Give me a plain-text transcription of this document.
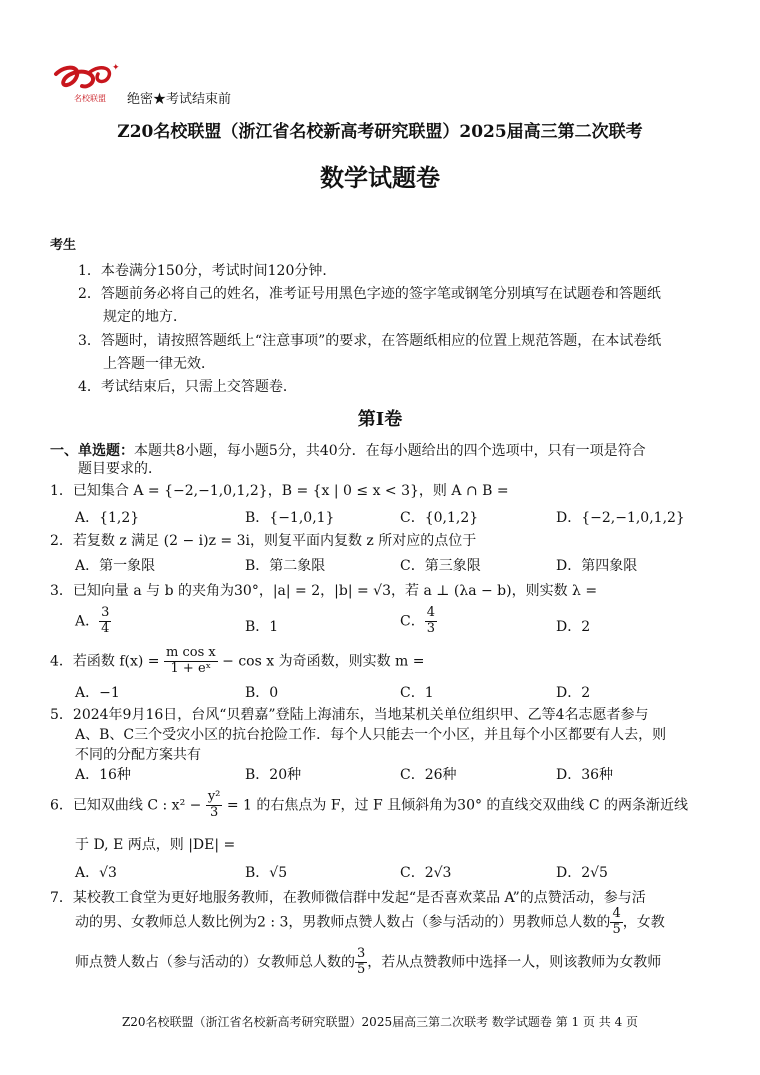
✦
名校联盟 绝密★考试结束前
Z20名校联盟（浙江省名校新高考研究联盟）2025届高三第二次联考
数学试题卷
考生
1．本卷满分150分，考试时间120分钟．
2．答题前务必将自己的姓名，准考证号用黑色字迹的签字笔或钢笔分别填写在试题卷和答题纸
规定的地方．
3．答题时，请按照答题纸上“注意事项”的要求，在答题纸相应的位置上规范答题，在本试卷纸
上答题一律无效．
4．考试结束后，只需上交答题卷．
第Ⅰ卷
一、单选题：本题共8小题，每小题5分，共40分．在每小题给出的四个选项中，只有一项是符合
题目要求的．
1．已知集合 A = {−2,−1,0,1,2}，B = {x | 0 ≤ x < 3}，则 A ∩ B =
A．{1,2}	B．{−1,0,1}	C．{0,1,2}	D．{−2,−1,0,1,2}
2．若复数 z 满足 (2 − i)z = 3i，则复平面内复数 z 所对应的点位于
A．第一象限	B．第二象限	C．第三象限	D．第四象限
3．已知向量 a 与 b 的夹角为30°，|a| = 2，|b| = √3，若 a ⊥ (λa − b)，则实数 λ =
A． $\frac{3}{4}$	B．1	C． $\frac{4}{3}$	D．2
4．若函数 $f(x) = \frac{\text{m cos x}}{\text{1 + eˣ}} - \cos x$ 为奇函数，则实数 m =
A．−1	B．0	C．1	D．2
5．2024年9月16日，台风“贝碧嘉”登陆上海浦东，当地某机关单位组织甲、乙等4名志愿者参与
A、B、C三个受灾小区的抗台抢险工作．每个人只能去一个小区，并且每个小区都要有人去，则
不同的分配方案共有
A．16种	B．20种	C．26种	D．36种
6．已知双曲线 C : $x^2 - \frac{\text{y²}}{3} = 1$ 的右焦点为 F，过 F 且倾斜角为30° 的直线交双曲线 C 的两条渐近线
于 D, E 两点，则 |DE| =
A．√3	B．√5	C．2√3	D．2√5
7．某校教工食堂为更好地服务教师，在教师微信群中发起“是否喜欢菜品 A”的点赞活动，参与活
动的男、女教师总人数比例为2 : 3，男教师点赞人数占（参与活动的）男教师总人数的 $\frac{4}{5}$ ，女教
师点赞人数占（参与活动的）女教师总人数的 $\frac{3}{5}$ ，若从点赞教师中选择一人，则该教师为女教师
Z20名校联盟（浙江省名校新高考研究联盟）2025届高三第二次联考 数学试题卷 第 1 页 共 4 页
